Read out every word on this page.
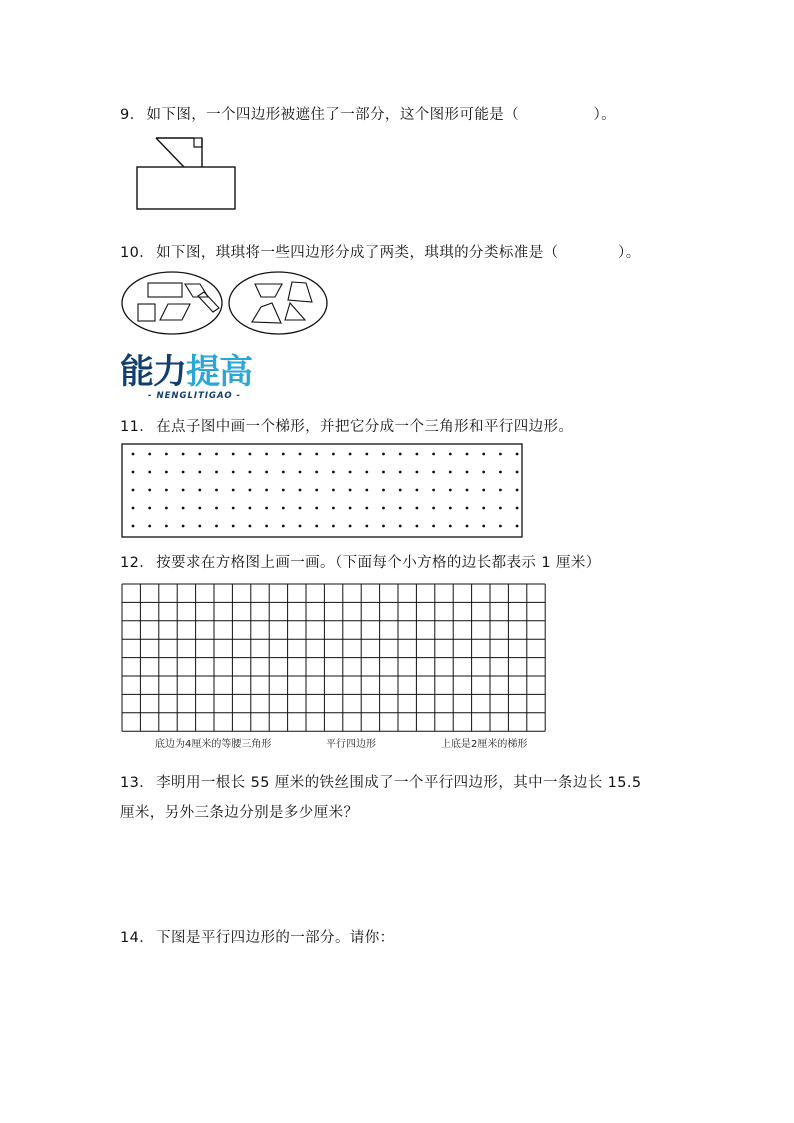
9． 如下图，一个四边形被遮住了一部分，这个图形可能是（　　　　　）。
10． 如下图，琪琪将一些四边形分成了两类，琪琪的分类标准是（　　　　）。
能力提高
- NENGLITIGAO -
11． 在点子图中画一个梯形，并把它分成一个三角形和平行四边形。
12． 按要求在方格图上画一画。（下面每个小方格的边长都表示 1 厘米）
底边为4厘米的等腰三角形	平行四边形	上底是2厘米的梯形
13． 李明用一根长 55 厘米的铁丝围成了一个平行四边形，其中一条边长 15.5
厘米，另外三条边分别是多少厘米？
14． 下图是平行四边形的一部分。请你：
